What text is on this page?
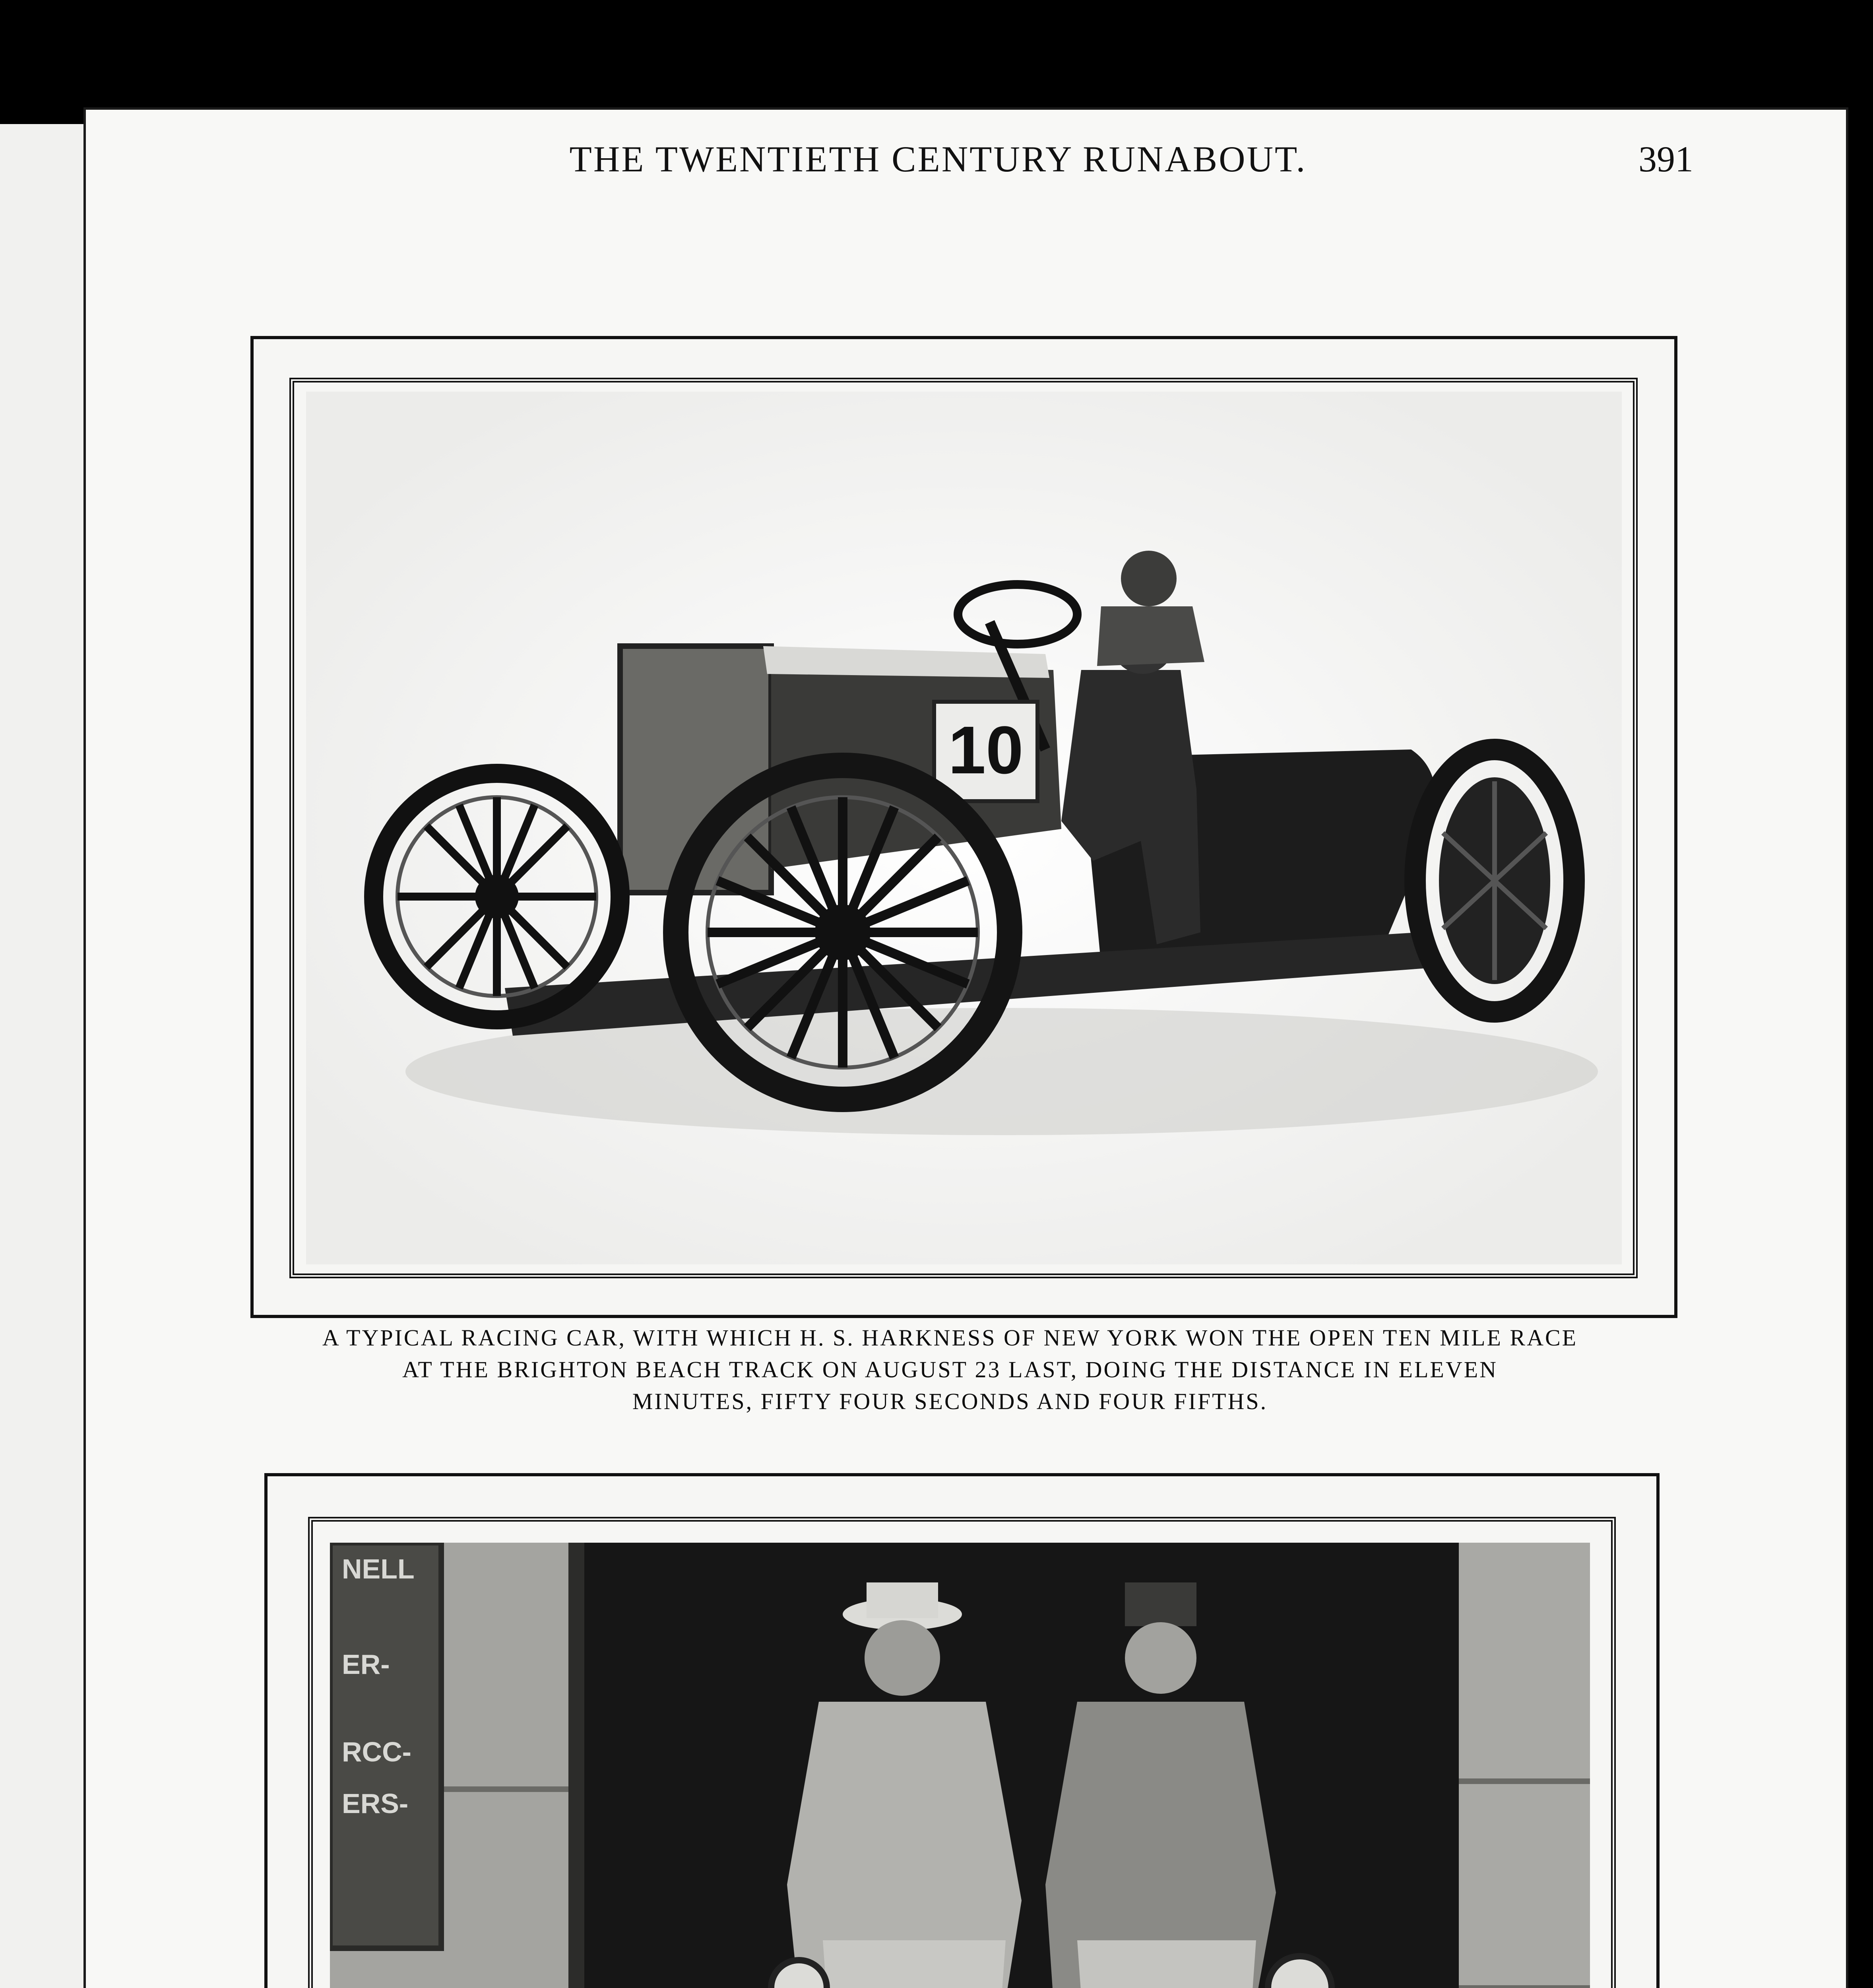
THE TWENTIETH CENTURY RUNABOUT.	391
10
A TYPICAL RACING CAR, WITH WHICH H. S. HARKNESS OF NEW YORK WON THE OPEN TEN MILE RACE
AT THE BRIGHTON BEACH TRACK ON AUGUST 23 LAST, DOING THE DISTANCE IN ELEVEN
MINUTES, FIFTY FOUR SECONDS AND FOUR FIFTHS.
NELL
ER-
RCC-
ERS-
